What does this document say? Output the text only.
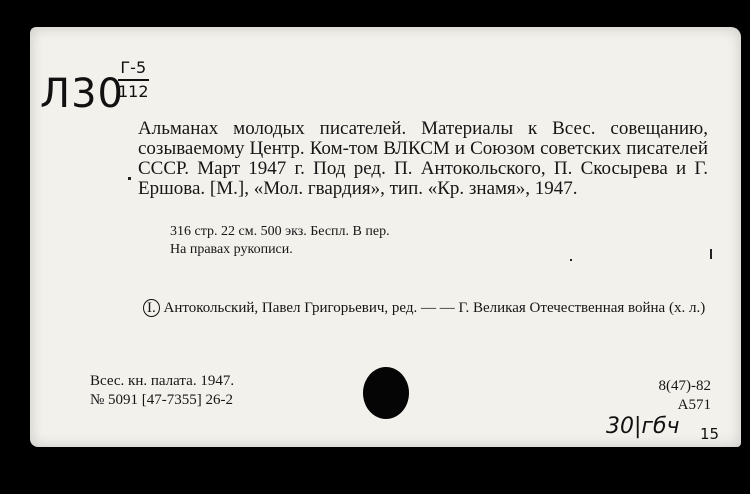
Л30
Г-5
112
Альманах молодых писателей. Материалы к Всес. совещанию, созываемому Центр. Ком-том ВЛКСМ и Союзом советских писателей СССР. Март 1947 г. Под ред. П. Антокольского, П. Скосырева и Г. Ершова. [М.], «Мол. гвардия», тип. «Кр. знамя», 1947.
316 стр. 22 см. 500 экз. Беспл. В пер.
На правах рукописи.
I. Антокольский, Павел Григорьевич, ред. — — Г. Великая Отечественная война (х. л.)
Всес. кн. палата. 1947.
№ 5091 [47-7355] 26-2
8(47)-82
А571
30|гбч 15
